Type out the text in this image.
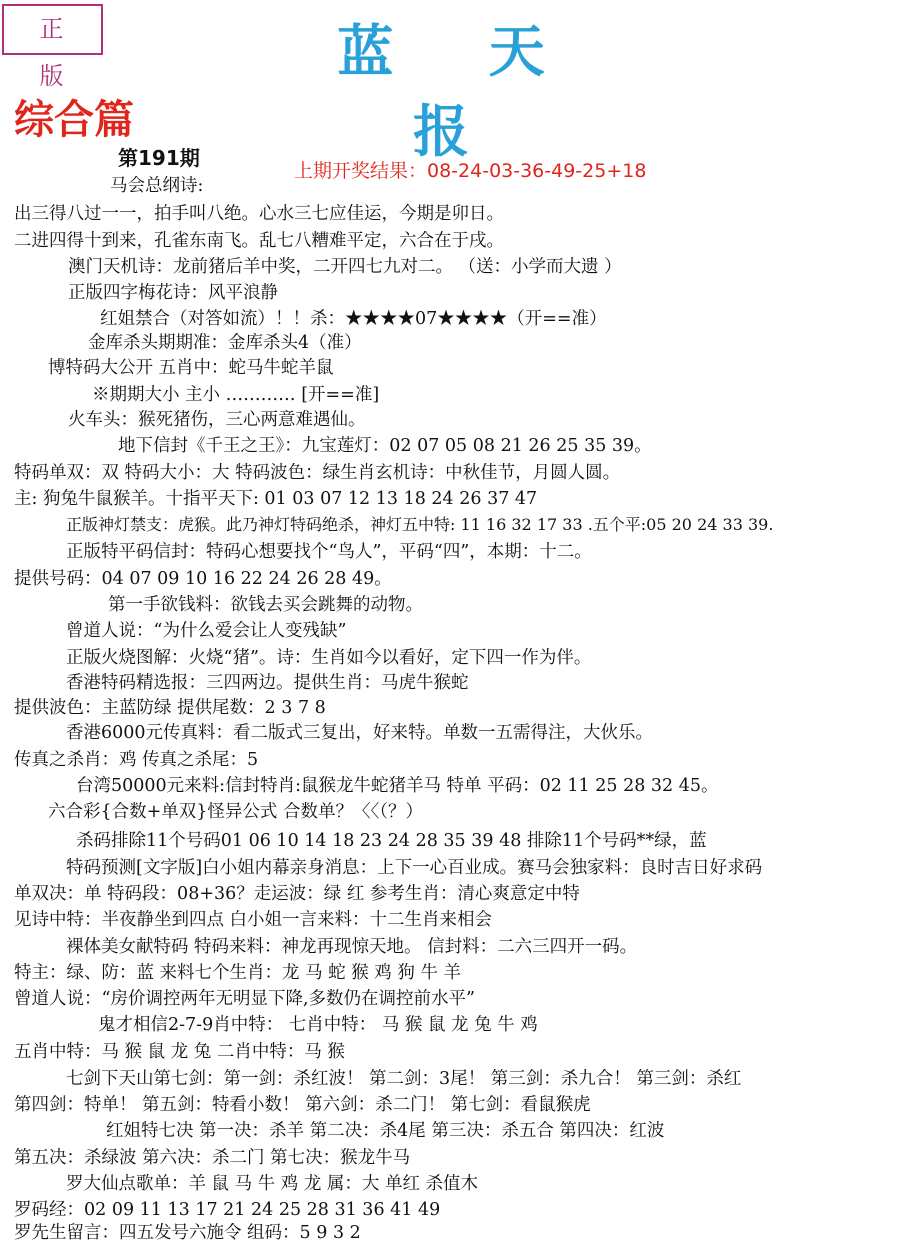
正 版	蓝 天 报
综合篇
第191期
上期开奖结果：08-24-03-36-49-25+18
马会总纲诗:
出三得八过一一，拍手叫八绝。心水三七应佳运，今期是卯日。
二进四得十到来，孔雀东南飞。乱七八糟难平定，六合在于戌。
澳门天机诗：龙前猪后羊中奖，二开四七九对二。 （送：小学而大遗 ）
正版四字梅花诗：风平浪静
红姐禁合（对答如流）！！杀：★★★★07★★★★（开==准）
金库杀头期期准：金库杀头4（准）
博特码大公开 五肖中：蛇马牛蛇羊鼠
※期期大小 主小 ………… [开==准]
火车头：猴死猪伤，三心两意难遇仙。
地下信封《千王之王》：九宝莲灯：02 07 05 08 21 26 25 35 39。
特码单双：双 特码大小：大 特码波色：绿生肖玄机诗：中秋佳节，月圆人圆。
主: 狗兔牛鼠猴羊。十指平天下: 01 03 07 12 13 18 24 26 37 47
正版神灯禁支：虎猴。此乃神灯特码绝杀，神灯五中特: 11 16 32 17 33 .五个平:05 20 24 33 39.
正版特平码信封：特码心想要找个“鸟人”，平码“四”，本期：十二。
提供号码：04 07 09 10 16 22 24 26 28 49。
第一手欲钱料：欲钱去买会跳舞的动物。
曾道人说：“为什么爱会让人变残缺”
正版火烧图解：火烧“猪”。诗：生肖如今以看好，定下四一作为伴。
香港特码精选报：三四两边。提供生肖：马虎牛猴蛇
提供波色：主蓝防绿 提供尾数：2 3 7 8
香港6000元传真料：看二版式三复出，好来特。单数一五需得注，大伙乐。
传真之杀肖：鸡 传真之杀尾：5
台湾50000元来料:信封特肖:鼠猴龙牛蛇猪羊马 特单 平码：02 11 25 28 32 45。
六合彩{合数+单双}怪异公式 合数单？〈〈（？）
杀码排除11个号码01 06 10 14 18 23 24 28 35 39 48 排除11个号码**绿，蓝
特码预测[文字版]白小姐内幕亲身消息：上下一心百业成。赛马会独家料：良时吉日好求码
单双决：单 特码段：08+36？走运波：绿 红 参考生肖：清心爽意定中特
见诗中特：半夜静坐到四点 白小姐一言来料：十二生肖来相会
裸体美女献特码 特码来料：神龙再现惊天地。 信封料：二六三四开一码。
特主：绿、防：蓝 来料七个生肖：龙 马 蛇 猴 鸡 狗 牛 羊
曾道人说：“房价调控两年无明显下降,多数仍在调控前水平”
鬼才相信2-7-9肖中特： 七肖中特： 马 猴 鼠 龙 兔 牛 鸡
五肖中特：马 猴 鼠 龙 兔 二肖中特：马 猴
七剑下天山第七剑：第一剑：杀红波！ 第二剑：3尾！ 第三剑：杀九合！ 第三剑：杀红
第四剑：特单！ 第五剑：特看小数！ 第六剑：杀二门！ 第七剑：看鼠猴虎
红姐特七决 第一决：杀羊 第二决：杀4尾 第三决：杀五合 第四决：红波
第五决：杀绿波 第六决：杀二门 第七决：猴龙牛马
罗大仙点歌单：羊 鼠 马 牛 鸡 龙 属：大 单红 杀值木
罗码经：02 09 11 13 17 21 24 25 28 31 36 41 49
罗先生留言：四五发号六施令 组码：5 9 3 2
